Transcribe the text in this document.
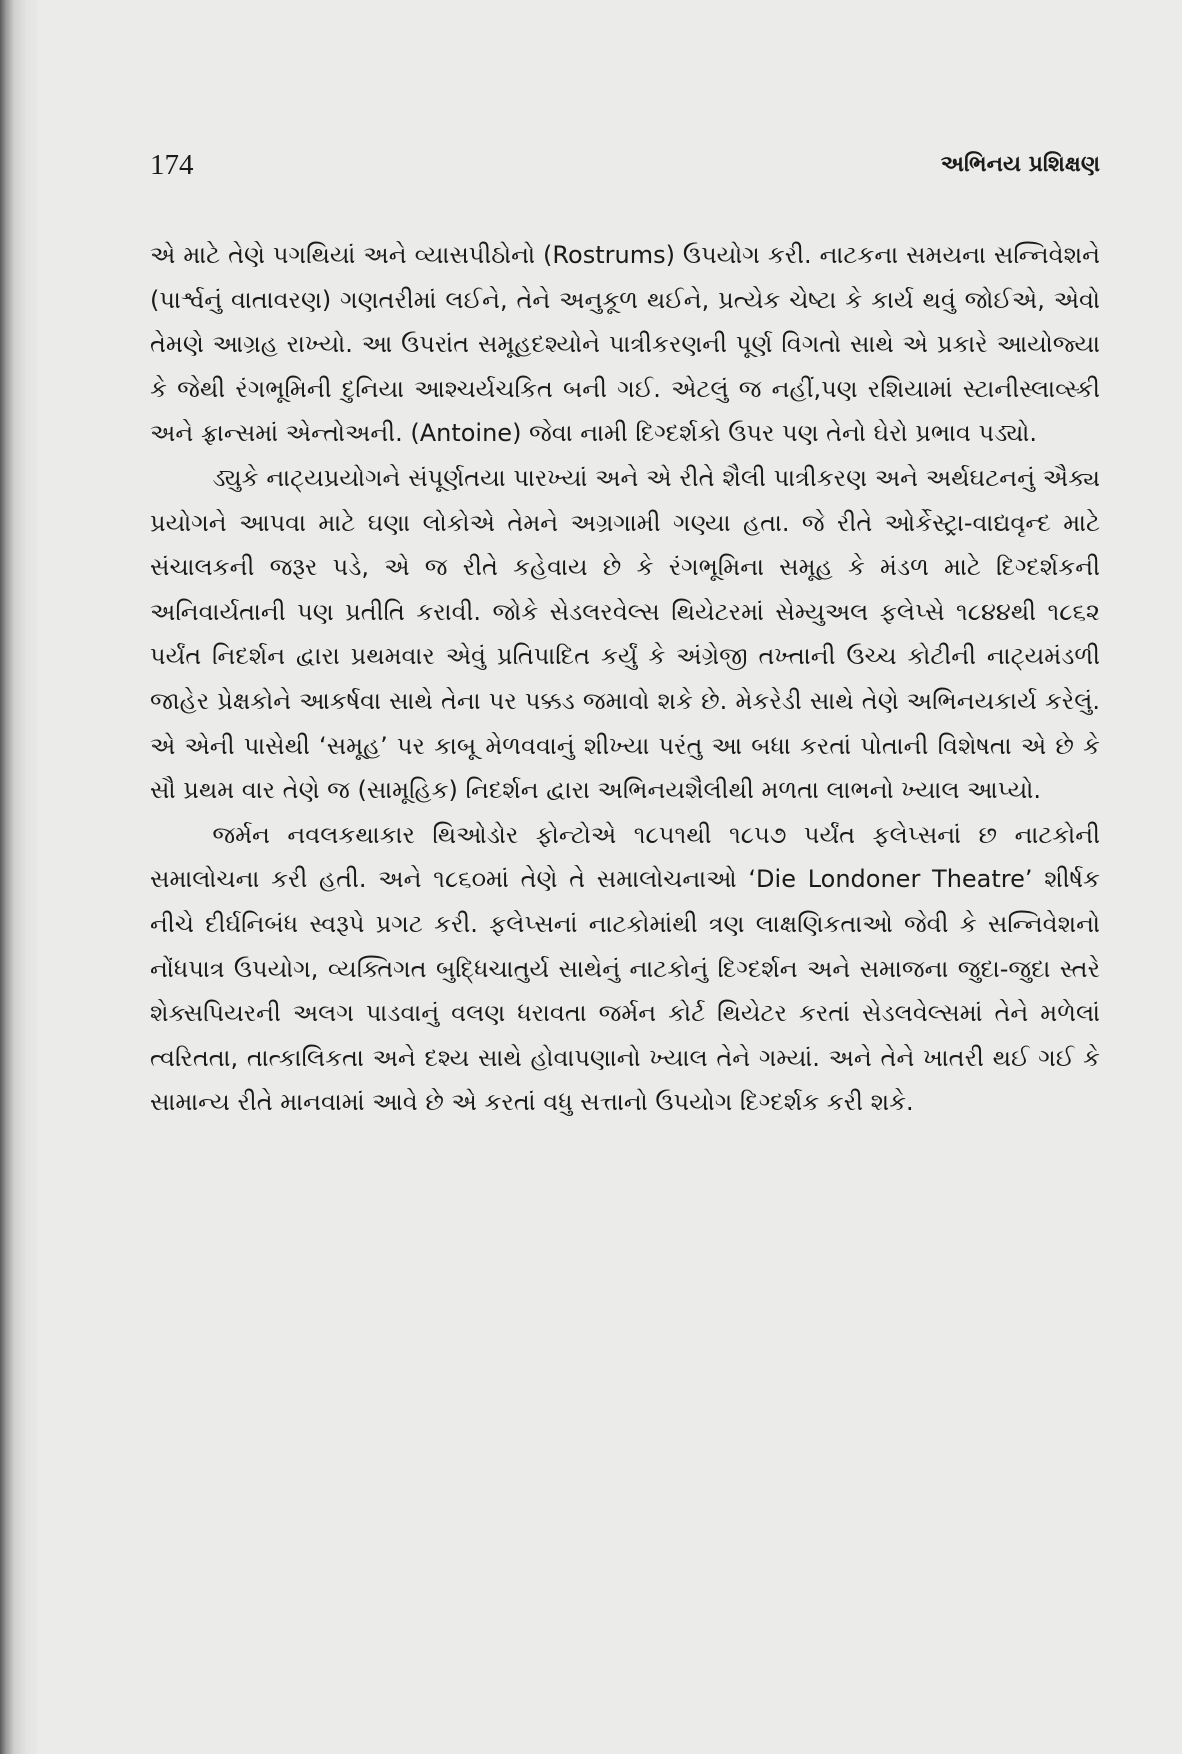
174	અભિનય પ્રશિક્ષણ

એ માટે તેણે પગથિયાં અને વ્યાસપીઠોનો (Rostrums) ઉપયોગ કરી. નાટકના સમયના સન્નિવેશને (પાર્શ્વનું વાતાવરણ) ગણતરીમાં લઈને, તેને અનુકૂળ થઈને, પ્રત્યેક ચેષ્ટા કે કાર્ય થવું જોઈએ, એવો તેમણે આગ્રહ રાખ્યો. આ ઉપરાંત સમૂહદશ્યોને પાત્રીકરણની પૂર્ણ વિગતો સાથે એ પ્રકારે આયોજ્યા કે જેથી રંગભૂમિની દુનિયા આશ્ચર્યચકિત બની ગઈ. એટલું જ નહીં,પણ રશિયામાં સ્ટાનીસ્લાવ્સ્કી અને ફ્રાન્સમાં એન્તોઅની. (Antoine) જેવા નામી દિગ્દર્શકો ઉપર પણ તેનો ઘેરો પ્રભાવ પડ્યો.

ડ્યુકે નાટ્યપ્રયોગને સંપૂર્ણતયા પારખ્યાં અને એ રીતે શૈલી પાત્રીકરણ અને અર્થઘટનનું ઐક્ય પ્રયોગને આપવા માટે ઘણા લોકોએ તેમને અગ્રગામી ગણ્યા હતા. જે રીતે ઓર્કેસ્ટ્રા-વાદ્યવૃન્દ માટે સંચાલકની જરૂર પડે, એ જ રીતે કહેવાય છે કે રંગભૂમિના સમૂહ કે મંડળ માટે દિગ્દર્શકની અનિવાર્યતાની પણ પ્રતીતિ કરાવી. જોકે સેડલરવેલ્સ થિયેટરમાં સેમ્યુઅલ ફલેપ્સે ૧૮૪૪થી ૧૮૬૨ પર્યંત નિદર્શન દ્વારા પ્રથમવાર એવું પ્રતિપાદિત કર્યું કે અંગ્રેજી તખ્તાની ઉચ્ચ કોટીની નાટ્યમંડળી જાહેર પ્રેક્ષકોને આકર્ષવા સાથે તેના પર પક્કડ જમાવો શકે છે. મેકરેડી સાથે તેણે અભિનયકાર્ય કરેલું. એ એની પાસેથી ‘સમૂહ’ પર કાબૂ મેળવવાનું શીખ્યા પરંતુ આ બધા કરતાં પોતાની વિશેષતા એ છે કે સૌ પ્રથમ વાર તેણે જ (સામૂહિક) નિદર્શન દ્વારા અભિનયશૈલીથી મળતા લાભનો ખ્યાલ આપ્યો.

જર્મન નવલકથાકાર થિઓડોર ફોન્ટોએ ૧૮૫૧થી ૧૮૫૭ પર્યંત ફલેપ્સનાં છ નાટકોની સમાલોચના કરી હતી. અને ૧૮૬૦માં તેણે તે સમાલોચનાઓ ‘Die Londoner Theatre’ શીર્ષક નીચે દીર્ઘનિબંધ સ્વરૂપે પ્રગટ કરી. ફલેપ્સનાં નાટકોમાંથી ત્રણ લાક્ષણિકતાઓ જેવી કે સન્નિવેશનો નોંધપાત્ર ઉપયોગ, વ્યક્તિગત બુદ્ધિચાતુર્ય સાથેનું નાટકોનું દિગ્દર્શન અને સમાજના જુદા-જુદા સ્તરે શેક્સપિયરની અલગ પાડવાનું વલણ ધરાવતા જર્મન કોર્ટ થિયેટર કરતાં સેડલવેલ્સમાં તેને મળેલાં ત્વરિતતા, તાત્કાલિકતા અને દશ્ય સાથે હોવાપણાનો ખ્યાલ તેને ગમ્યાં. અને તેને ખાતરી થઈ ગઈ કે સામાન્ય રીતે માનવામાં આવે છે એ કરતાં વધુ સત્તાનો ઉપયોગ દિગ્દર્શક કરી શકે.
